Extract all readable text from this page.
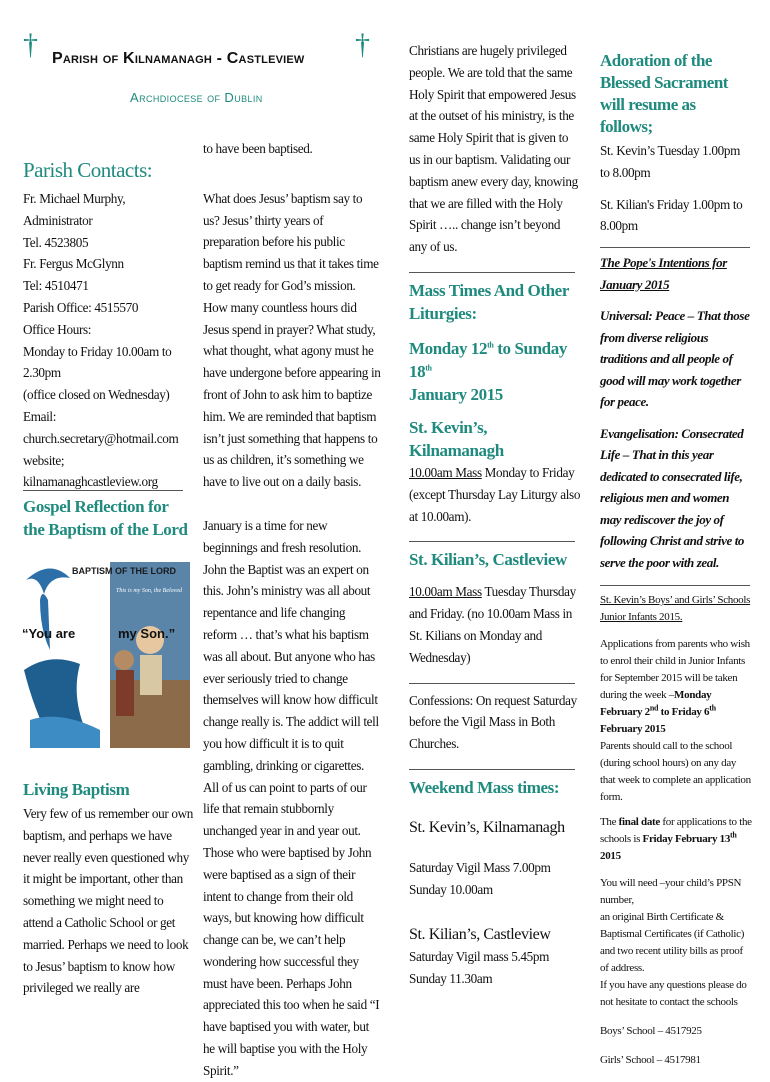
† Parish of Kilnamanagh - Castleview †
Archdiocese of Dublin
Parish Contacts:
Fr. Michael Murphy, Administrator
Tel. 4523805
Fr. Fergus McGlynn
Tel: 4510471
Parish Office: 4515570
Office Hours:
Monday to Friday 10.00am to
2.30pm
(office closed on Wednesday)
Email:
church.secretary@hotmail.com
website;
kilnamanaghcastleview.org
Gospel Reflection for the Baptism of the Lord
BAPTISM OF THE LORD
This is my Son, the Beloved
“You are	my Son.”
Living Baptism
Very few of us remember our own baptism, and perhaps we have never really even questioned why it might be important, other than something we might need to attend a Catholic School or get married. Perhaps we need to look to Jesus’ baptism to know how privileged we really are

to have been baptised.

What does Jesus’ baptism say to us? Jesus’ thirty years of preparation before his public baptism remind us that it takes time to get ready for God’s mission. How many countless hours did Jesus spend in prayer? What study, what thought, what agony must he have undergone before appearing in front of John to ask him to baptize him. We are reminded that baptism isn’t just something that happens to us as children, it’s something we have to live out on a daily basis.

January is a time for new beginnings and fresh resolution. John the Baptist was an expert on this. John’s ministry was all about repentance and life changing reform … that’s what his baptism was all about. But anyone who has ever seriously tried to change themselves will know how difficult change really is. The addict will tell you how difficult it is to quit gambling, drinking or cigarettes. All of us can point to parts of our life that remain stubbornly unchanged year in and year out. Those who were baptised by John were baptised as a sign of their intent to change from their old ways, but knowing how difficult change can be, we can’t help wondering how successful they must have been. Perhaps John appreciated this too when he said “I have baptised you with water, but he will baptise you with the Holy Spirit.”

Christians are hugely privileged people. We are told that the same Holy Spirit that empowered Jesus at the outset of his ministry, is the same Holy Spirit that is given to us in our baptism. Validating our baptism anew every day, knowing that we are filled with the Holy Spirit ….. change isn’t beyond any of us.

Mass Times And Other Liturgies:
Monday 12th to Sunday 18th
January 2015
St. Kevin’s, Kilnamanagh

10.00am Mass Monday to Friday (except Thursday Lay Liturgy also at 10.00am).

St. Kilian’s, Castleview

10.00am Mass Tuesday Thursday and Friday. (no 10.00am Mass in St. Kilians on Monday and Wednesday)

Confessions: On request Saturday before the Vigil Mass in Both Churches.

Weekend Mass times:
St. Kevin’s, Kilnamanagh

Saturday Vigil Mass 7.00pm

Sunday 10.00am

St. Kilian’s, Castleview

Saturday Vigil mass 5.45pm

Sunday 11.30am

Adoration of the Blessed Sacrament will resume as follows;

St. Kevin’s Tuesday 1.00pm to 8.00pm

St. Kilian's Friday 1.00pm to 8.00pm

The Pope's Intentions for January 2015
Universal: Peace – That those from diverse religious traditions and all people of good will may work together for peace.
Evangelisation: Consecrated Life – That in this year dedicated to consecrated life, religious men and women may rediscover the joy of following Christ and strive to serve the poor with zeal.
St. Kevin’s Boys’ and Girls’ Schools Junior Infants 2015.
Applications from parents who wish to enrol their child in Junior Infants for September 2015 will be taken during the week –Monday February 2nd to Friday 6th February 2015
Parents should call to the school (during school hours) on any day that week to complete an application form.
The final date for applications to the schools is Friday February 13th 2015
You will need –your child’s PPSN number,
an original Birth Certificate & Baptismal Certificates (if Catholic)
and two recent utility bills as proof of address.
If you have any questions please do not hesitate to contact the schools
Boys’ School – 4517925
Girls’ School – 4517981
